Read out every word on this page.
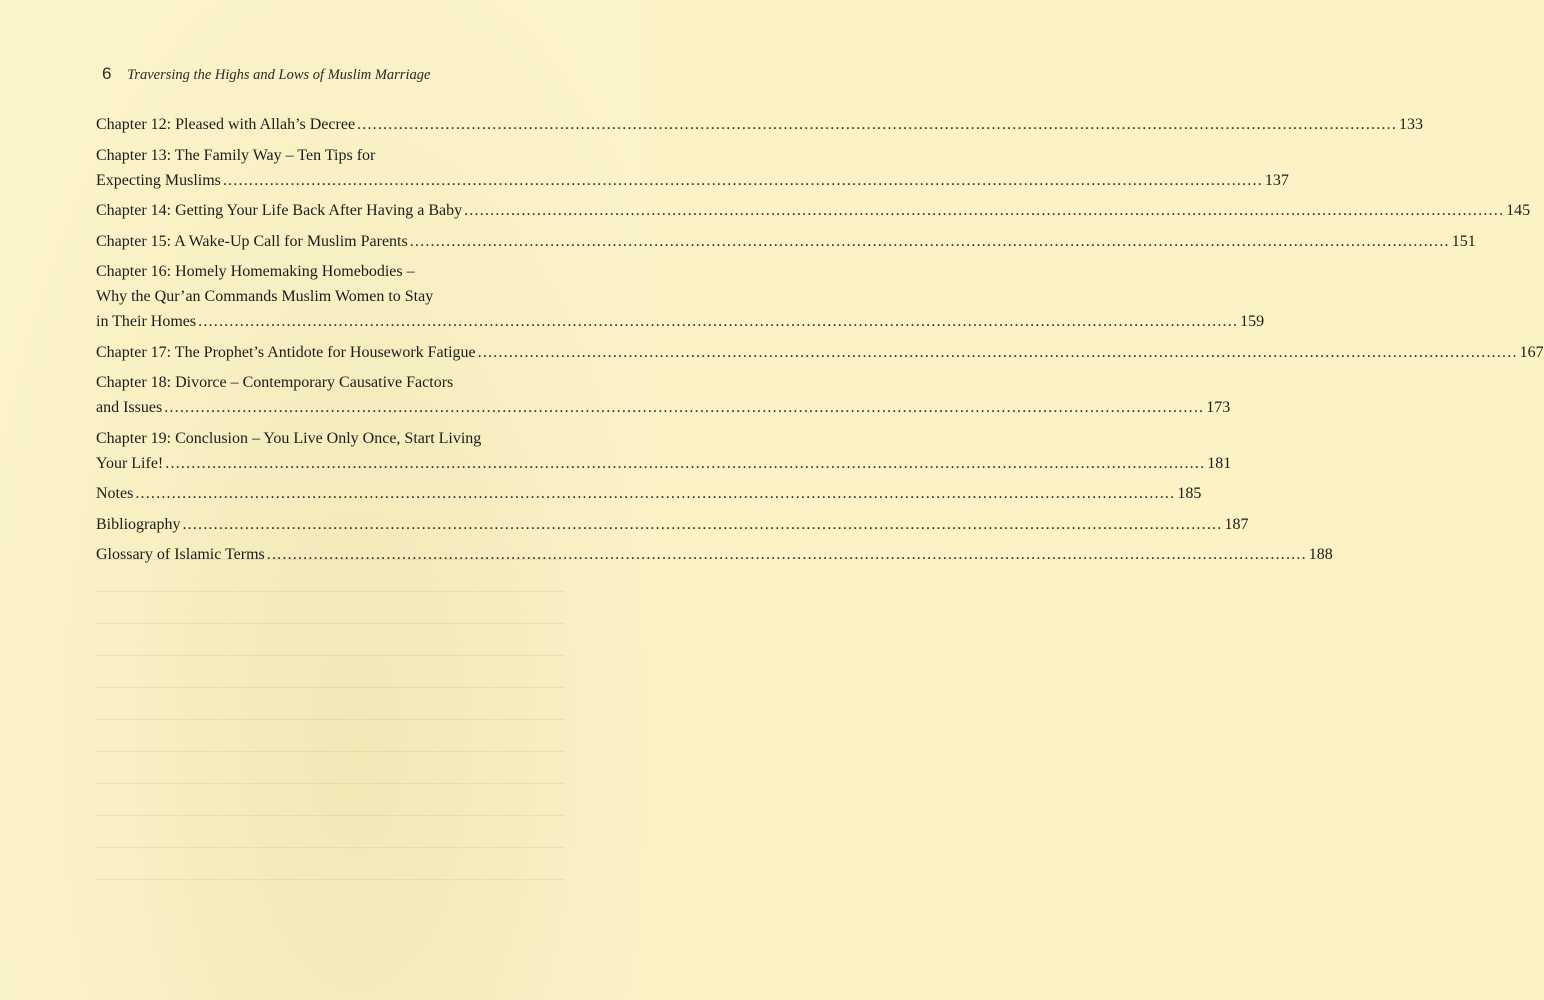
6 Traversing the Highs and Lows of Muslim Marriage
Chapter 12: Pleased with Allah’s Decree ........................................................................................................................................................................................................ 133
Chapter 13: The Family Way – Ten Tips for
Expecting Muslims ........................................................................................................................................................................................................ 137
Chapter 14: Getting Your Life Back After Having a Baby ........................................................................................................................................................................................................ 145
Chapter 15: A Wake-Up Call for Muslim Parents ........................................................................................................................................................................................................ 151
Chapter 16: Homely Homemaking Homebodies –
Why the Qur’an Commands Muslim Women to Stay
in Their Homes ........................................................................................................................................................................................................ 159
Chapter 17: The Prophet’s Antidote for Housework Fatigue ........................................................................................................................................................................................................ 167
Chapter 18: Divorce – Contemporary Causative Factors
and Issues ........................................................................................................................................................................................................ 173
Chapter 19: Conclusion – You Live Only Once, Start Living
Your Life! ........................................................................................................................................................................................................ 181
Notes ........................................................................................................................................................................................................ 185
Bibliography ........................................................................................................................................................................................................ 187
Glossary of Islamic Terms ........................................................................................................................................................................................................ 188
